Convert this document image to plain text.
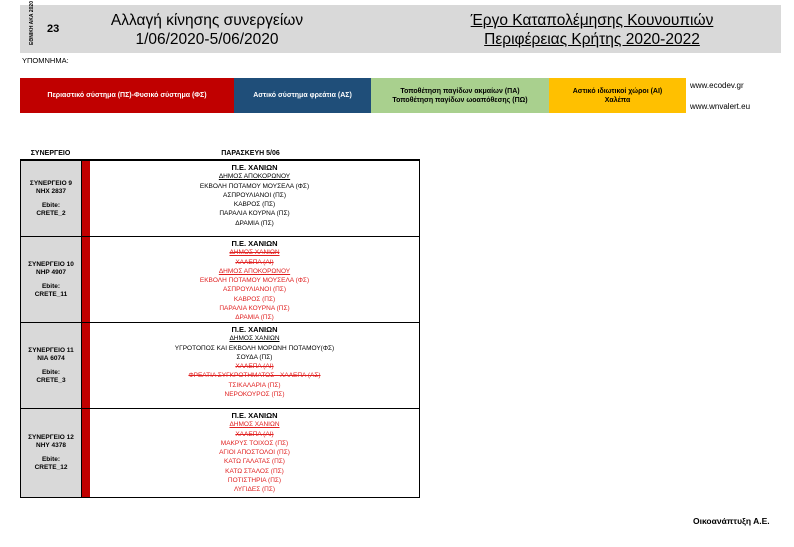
ΕΘΝΙΚΗ ΑΚΑ 2020 23	Αλλαγή κίνησης συνεργείων
1/06/2020-5/06/2020
Έργο Καταπολέμησης Κουνουπιών
Περιφέρειας Κρήτης 2020-2022
ΥΠΟΜΝΗΜΑ:
Περιαστικό σύστημα (ΠΣ)-Φυσικό σύστημα (ΦΣ)	Αστικό σύστημα φρεάτια (ΑΣ)
Τοποθέτηση παγίδων ακμαίων (ΠΑ)
Τοποθέτηση παγίδων ωοαπόθεσης (ΠΩ)
Αστικό ιδιωτικοί χώροι (ΑΙ)
Χαλέπα
www.ecodev.gr
www.wnvalert.eu
ΣΥΝΕΡΓΕΙΟ	ΠΑΡΑΣΚΕΥΗ 5/06
ΣΥΝΕΡΓΕΙΟ 9
ΝΗΧ 2837
Ebite:
CRETE_2
Π.Ε. ΧΑΝΙΩΝ
ΔΗΜΟΣ ΑΠΟΚΟΡΩΝΟΥ
ΕΚΒΟΛΗ ΠΟΤΑΜΟΥ ΜΟΥΣΕΛΑ (ΦΣ)
ΑΣΠΡΟΥΛΙΑΝΟΙ (ΠΣ)
ΚΑΒΡΟΣ (ΠΣ)
ΠΑΡΑΛΙΑ ΚΟΥΡΝΑ (ΠΣ)
ΔΡΑΜΙΑ (ΠΣ)
ΣΥΝΕΡΓΕΙΟ 10
ΝΗΡ 4907
Ebite:
CRETE_11
Π.Ε. ΧΑΝΙΩΝ
ΔΗΜΟΣ ΧΑΝΙΩΝ
ΧΑΛΕΠΑ (ΑΙ)
ΔΗΜΟΣ ΑΠΟΚΟΡΩΝΟΥ
ΕΚΒΟΛΗ ΠΟΤΑΜΟΥ ΜΟΥΣΕΛΑ (ΦΣ)
ΑΣΠΡΟΥΛΙΑΝΟΙ (ΠΣ)
ΚΑΒΡΟΣ (ΠΣ)
ΠΑΡΑΛΙΑ ΚΟΥΡΝΑ (ΠΣ)
ΔΡΑΜΙΑ (ΠΣ)
ΣΥΝΕΡΓΕΙΟ 11
ΝΙΑ 6074
Ebite:
CRETE_3
Π.Ε. ΧΑΝΙΩΝ
ΔΗΜΟΣ ΧΑΝΙΩΝ
ΥΓΡΟΤΟΠΟΣ ΚΑΙ ΕΚΒΟΛΗ ΜΟΡΩΝΗ ΠΟΤΑΜΟΥ(ΦΣ)
ΣΟΥΔΑ (ΠΣ)
ΧΑΛΕΠΑ (ΑΙ)
ΦΡΕΑΤΙΑ ΣΥΓΚΡΟΤΗΜΑΤΟΣ - ΧΑΛΕΠΑ (ΑΣ)
ΤΣΙΚΑΛΑΡΙΑ (ΠΣ)
ΝΕΡΟΚΟΥΡΟΣ (ΠΣ)
ΣΥΝΕΡΓΕΙΟ 12
ΝΗΥ 4378
Ebite:
CRETE_12
Π.Ε. ΧΑΝΙΩΝ
ΔΗΜΟΣ ΧΑΝΙΩΝ
ΧΑΛΕΠΑ (ΑΙ)
ΜΑΚΡΥΣ ΤΟΙΧΟΣ (ΠΣ)
ΑΓΙΟΙ ΑΠΟΣΤΟΛΟΙ (ΠΣ)
ΚΑΤΩ ΓΑΛΑΤΑΣ (ΠΣ)
ΚΑΤΩ ΣΤΑΛΟΣ (ΠΣ)
ΠΟΤΙΣΤΗΡΙΑ (ΠΣ)
ΛΥΓΙΔΕΣ (ΠΣ)
Οικοανάπτυξη Α.Ε.
